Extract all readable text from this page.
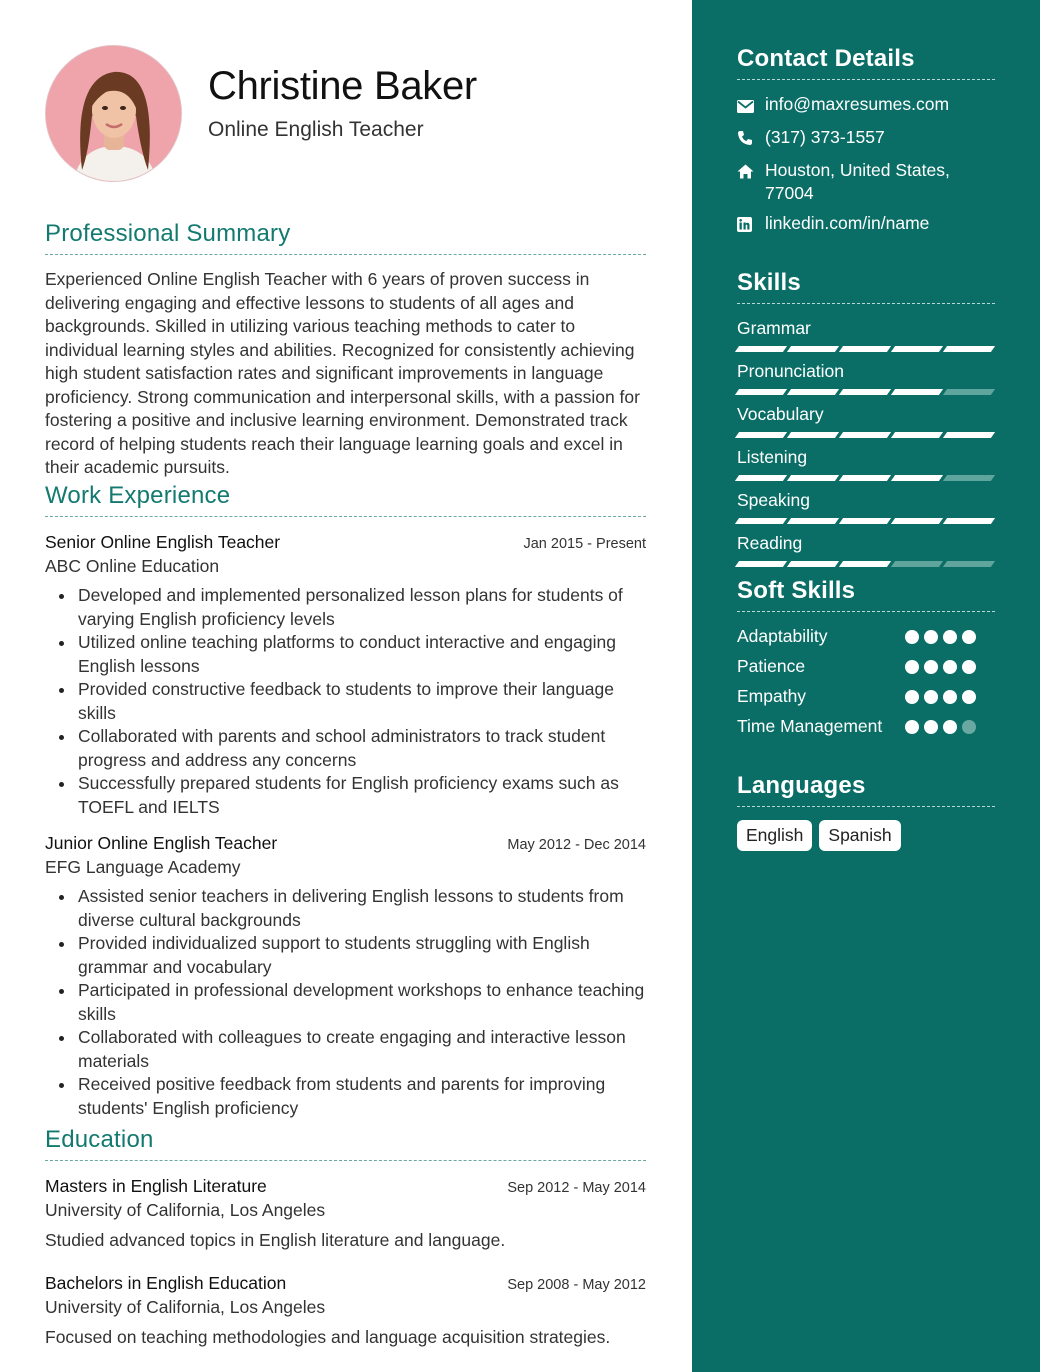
Christine Baker
Online English Teacher
Professional Summary

Experienced Online English Teacher with 6 years of proven success in delivering engaging and effective lessons to students of all ages and backgrounds. Skilled in utilizing various teaching methods to cater to individual learning styles and abilities. Recognized for consistently achieving high student satisfaction rates and significant improvements in language proficiency. Strong communication and interpersonal skills, with a passion for fostering a positive and inclusive learning environment. Demonstrated track record of helping students reach their language learning goals and excel in their academic pursuits.

Work Experience
Senior Online English Teacher	Jan 2015 - Present
ABC Online Education
Developed and implemented personalized lesson plans for students of varying English proficiency levels
Utilized online teaching platforms to conduct interactive and engaging English lessons
Provided constructive feedback to students to improve their language skills
Collaborated with parents and school administrators to track student progress and address any concerns
Successfully prepared students for English proficiency exams such as TOEFL and IELTS
Junior Online English Teacher	May 2012 - Dec 2014
EFG Language Academy
Assisted senior teachers in delivering English lessons to students from diverse cultural backgrounds
Provided individualized support to students struggling with English grammar and vocabulary
Participated in professional development workshops to enhance teaching skills
Collaborated with colleagues to create engaging and interactive lesson materials
Received positive feedback from students and parents for improving students' English proficiency
Education
Masters in English Literature	Sep 2012 - May 2014
University of California, Los Angeles
Studied advanced topics in English literature and language.
Bachelors in English Education	Sep 2008 - May 2012
University of California, Los Angeles
Focused on teaching methodologies and language acquisition strategies.
Contact Details
info@maxresumes.com
(317) 373-1557
Houston, United States, 77004
linkedin.com/in/name
Skills
Grammar
Pronunciation
Vocabulary
Listening
Speaking
Reading
Soft Skills
Adaptability
Patience
Empathy
Time Management
Languages
English	Spanish
